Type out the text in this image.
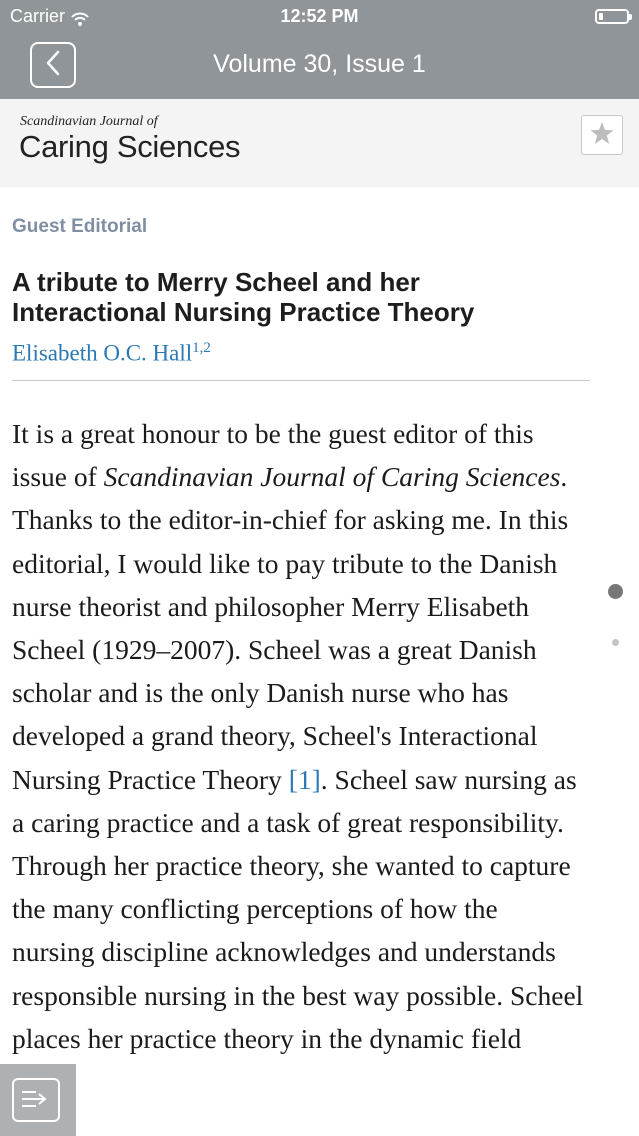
Carrier	12:52 PM
Volume 30, Issue 1
Scandinavian Journal of
Caring Sciences
Guest Editorial
A tribute to Merry Scheel and her Interactional Nursing Practice Theory
Elisabeth O.C. Hall$^{1,2}$
It is a great honour to be the guest editor of this issue of Scandinavian Journal of Caring Sciences. Thanks to the editor-in-chief for asking me. In this editorial, I would like to pay tribute to the Danish nurse theorist and philosopher Merry Elisabeth Scheel (1929–2007). Scheel was a great Danish scholar and is the only Danish nurse who has developed a grand theory, Scheel's Interactional Nursing Practice Theory [1]. Scheel saw nursing as a caring practice and a task of great responsibility. Through her practice theory, she wanted to capture the many conflicting perceptions of how the nursing discipline acknowledges and understands responsible nursing in the best way possible. Scheel places her practice theory in the dynamic field
